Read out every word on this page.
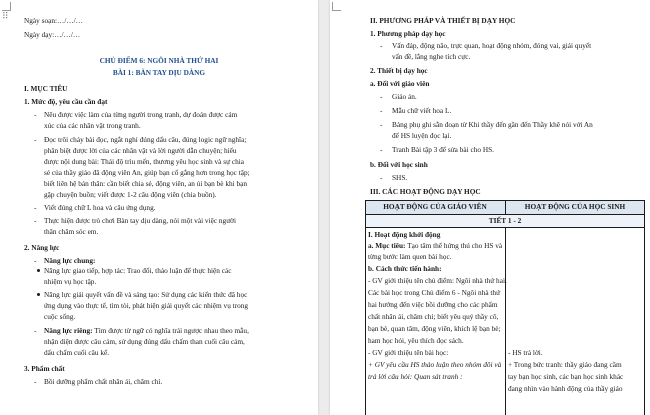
⠿	Ngày soạn:…/…/…
Ngày dạy:…/…/…
CHỦ ĐIỂM 6: NGÔI NHÀ THỨ HAI
BÀI 1: BÀN TAY DỊU DÀNG
I. MỤC TIÊU
1. Mức độ, yêu cầu cần đạt
- Nêu được việc làm của từng người trong tranh, dự đoán được cảm
xúc của các nhân vật trong tranh.
- Đọc trôi chảy bài đọc, ngắt nghỉ đúng dấu câu, đúng logic ngữ nghĩa;
phân biệt được lời của các nhân vật và lời người dẫn chuyện; hiểu
được nội dung bài: Thái độ trìu mến, thương yêu học sinh và sự chia
sẻ của thầy giáo đã động viên An, giúp bạn cố gắng hơn trong học tập;
biết liên hệ bản thân: cần biết chia sẻ, động viên, an ủi bạn bè khi bạn
gặp chuyện buồn; viết được 1-2 câu động viên (chia buồn).
- Viết đúng chữ L hoa và câu ứng dụng.
- Thực hiện được trò chơi Bàn tay dịu dàng, nói một vài việc người
thân chăm sóc em.
2. Năng lực
- Năng lực chung:
Năng lực giao tiếp, hợp tác: Trao đổi, thảo luận để thực hiện các
nhiệm vụ học tập.
Năng lực giải quyết vấn đề và sáng tạo: Sử dụng các kiến thức đã học
ứng dụng vào thực tế, tìm tòi, phát hiện giải quyết các nhiệm vụ trong
cuộc sống.
- Năng lực riêng: Tìm được từ ngữ có nghĩa trái ngược nhau theo mẫu,
nhận diện được câu cảm, sử dụng đúng dấu chấm than cuối câu cảm,
dấu chấm cuối câu kể.
3. Phẩm chất
- Bồi dưỡng phẩm chất nhân ái, chăm chỉ.
II. PHƯƠNG PHÁP VÀ THIẾT BỊ DẠY HỌC
1. Phương pháp dạy học
- Vấn đáp, động não, trực quan, hoạt động nhóm, đóng vai, giải quyết
vấn đề, lắng nghe tích cực.
2. Thiết bị dạy học
a. Đối với giáo viên
- Giáo án.
- Mẫu chữ viết hoa L.
- Bảng phụ ghi sẵn đoạn từ Khi thầy đến gần đến Thầy khẽ nói với An
để HS luyện đọc lại.
- Tranh Bài tập 3 để sửa bài cho HS.
b. Đối với học sinh
- SHS.
III. CÁC HOẠT ĐỘNG DẠY HỌC
HOẠT ĐỘNG CỦA GIÁO VIÊN	HOẠT ĐỘNG CỦA HỌC SINH
TIẾT 1 - 2
I. Hoạt động khởi động
a. Mục tiêu: Tạo tâm thế hứng thú cho HS và
từng bước làm quen bài học.
b. Cách thức tiến hành:
- GV giới thiệu tên chủ điểm: Ngôi nhà thứ hai.
Các bài học trong Chủ điểm 6 - Ngôi nhà thứ
hai hướng đến việc bồi dưỡng cho các phẩm
chất nhân ái, chăm chỉ; biết yêu quý thầy cô,
bạn bè, quan tâm, động viên, khích lệ bạn bè;
ham học hỏi, yêu thích đọc sách.
- GV giới thiệu tên bài học:
+ GV yêu cầu HS thảo luận theo nhóm đôi và
trả lời câu hỏi: Quan sát tranh :
- HS trả lời.
+ Trong bức tranh: thầy giáo đang cầm
tay bạn học sinh, các bạn học sinh khác
đang nhìn vào hành động của thầy giáo
